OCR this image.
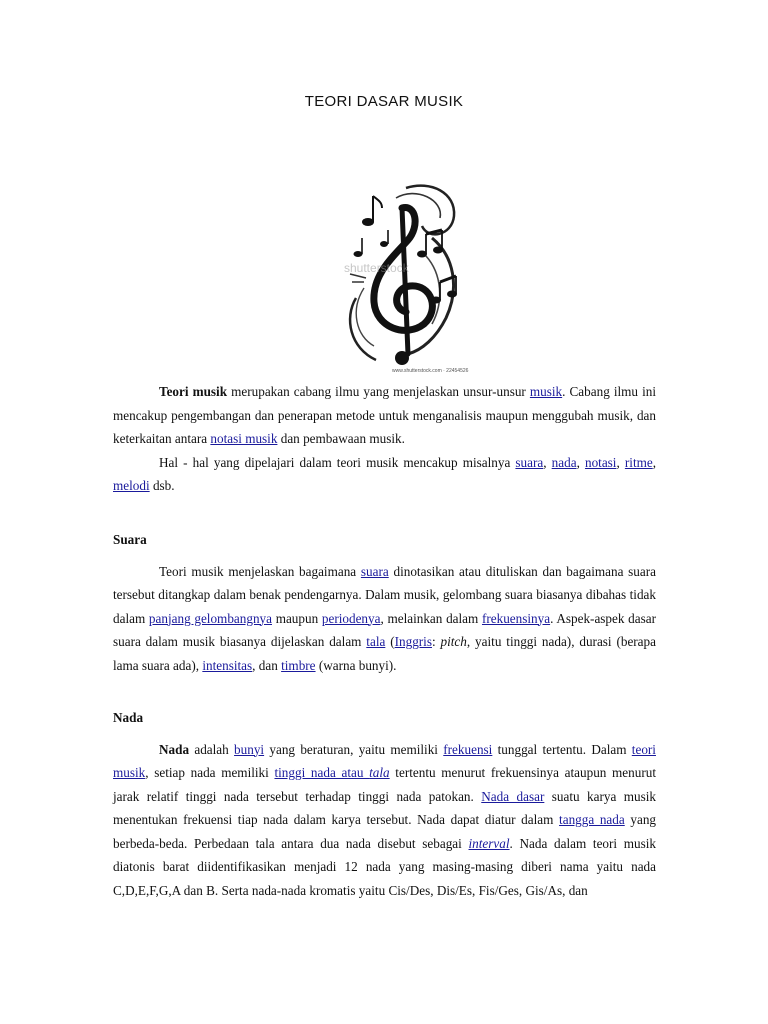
TEORI DASAR MUSIK
shutterstock
www.shutterstock.com · 22454526

Teori musik merupakan cabang ilmu yang menjelaskan unsur-unsur musik. Cabang ilmu ini mencakup pengembangan dan penerapan metode untuk menganalisis maupun menggubah musik, dan keterkaitan antara notasi musik dan pembawaan musik.

Hal - hal yang dipelajari dalam teori musik mencakup misalnya suara, nada, notasi, ritme, melodi dsb.

Suara

Teori musik menjelaskan bagaimana suara dinotasikan atau dituliskan dan bagaimana suara tersebut ditangkap dalam benak pendengarnya. Dalam musik, gelombang suara biasanya dibahas tidak dalam panjang gelombangnya maupun periodenya, melainkan dalam frekuensinya. Aspek-aspek dasar suara dalam musik biasanya dijelaskan dalam tala (Inggris: pitch, yaitu tinggi nada), durasi (berapa lama suara ada), intensitas, dan timbre (warna bunyi).

Nada

Nada adalah bunyi yang beraturan, yaitu memiliki frekuensi tunggal tertentu. Dalam teori musik, setiap nada memiliki tinggi nada atau tala tertentu menurut frekuensinya ataupun menurut jarak relatif tinggi nada tersebut terhadap tinggi nada patokan. Nada dasar suatu karya musik menentukan frekuensi tiap nada dalam karya tersebut. Nada dapat diatur dalam tangga nada yang berbeda-beda. Perbedaan tala antara dua nada disebut sebagai interval. Nada dalam teori musik diatonis barat diidentifikasikan menjadi 12 nada yang masing-masing diberi nama yaitu nada C,D,E,F,G,A dan B. Serta nada-nada kromatis yaitu Cis/Des, Dis/Es, Fis/Ges, Gis/As, dan
